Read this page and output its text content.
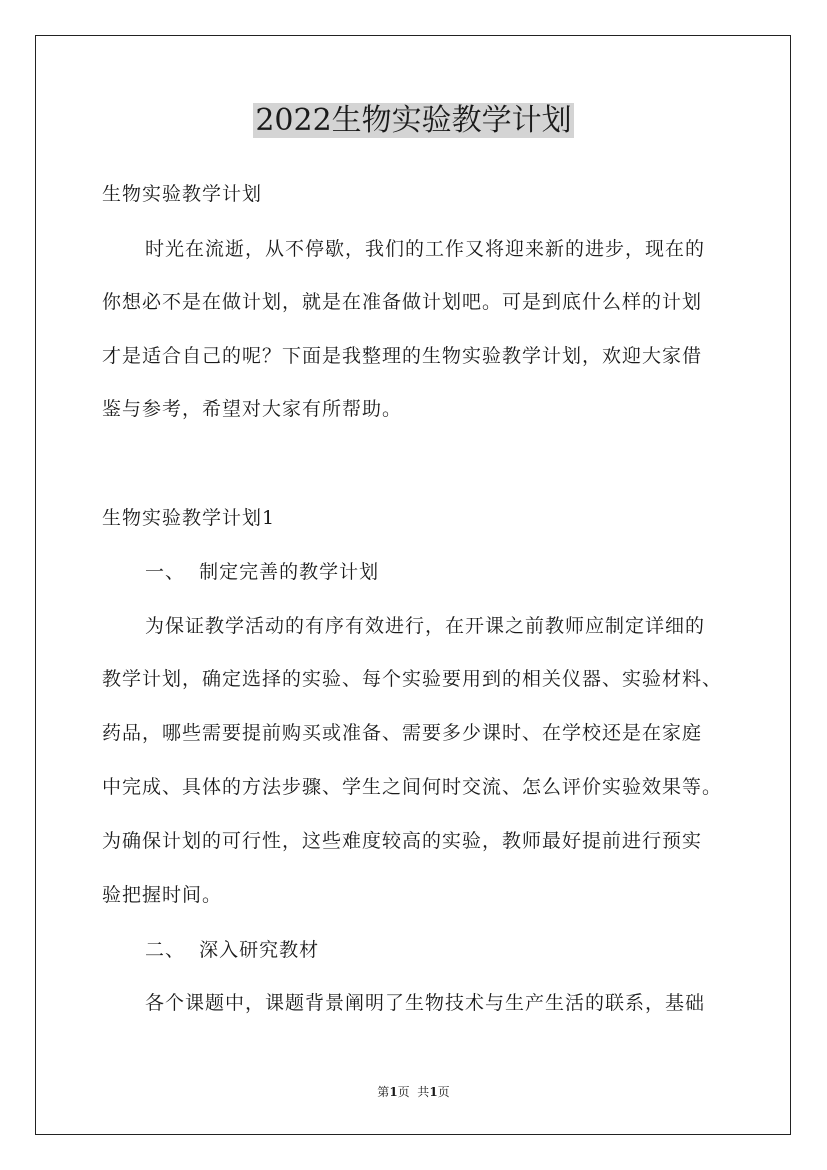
2022生物实验教学计划
生物实验教学计划
时光在流逝，从不停歇，我们的工作又将迎来新的进步，现在的
你想必不是在做计划，就是在准备做计划吧。可是到底什么样的计划
才是适合自己的呢？下面是我整理的生物实验教学计划，欢迎大家借
鉴与参考，希望对大家有所帮助。
生物实验教学计划1
一、  制定完善的教学计划
为保证教学活动的有序有效进行，在开课之前教师应制定详细的
教学计划，确定选择的实验、每个实验要用到的相关仪器、实验材料、
药品，哪些需要提前购买或准备、需要多少课时、在学校还是在家庭
中完成、具体的方法步骤、学生之间何时交流、怎么评价实验效果等。
为确保计划的可行性，这些难度较高的实验，教师最好提前进行预实
验把握时间。
二、  深入研究教材
各个课题中，课题背景阐明了生物技术与生产生活的联系，基础
第1页  共1页
